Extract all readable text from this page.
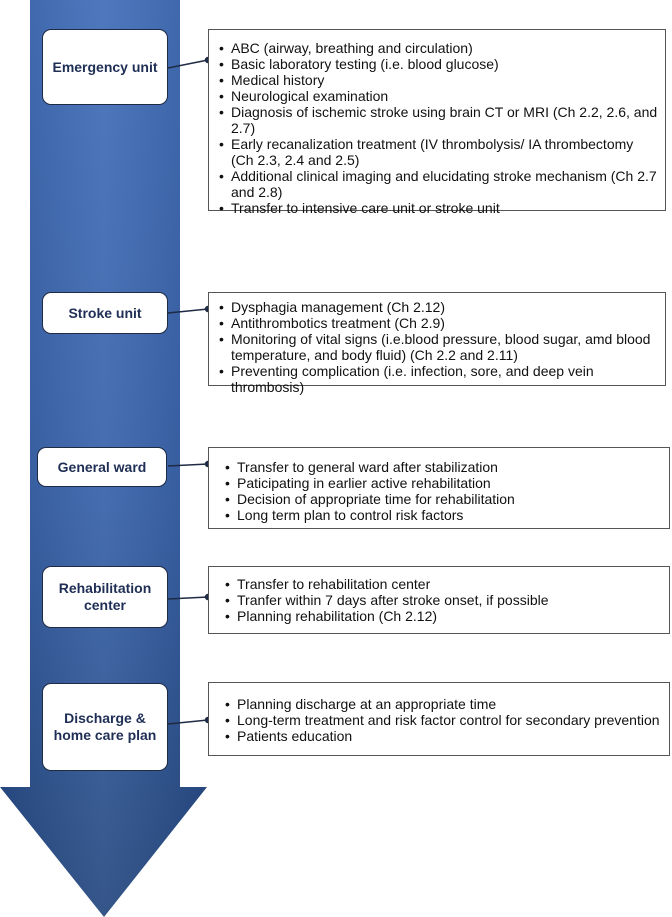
Emergency unit
• ABC (airway, breathing and circulation)
• Basic laboratory testing (i.e. blood glucose)
• Medical history
• Neurological examination
• Diagnosis of ischemic stroke using brain CT or MRI (Ch 2.2, 2.6, and 2.7)
• Early recanalization treatment (IV thrombolysis/ IA thrombectomy (Ch 2.3, 2.4 and 2.5)
• Additional clinical imaging and elucidating stroke mechanism (Ch 2.7 and 2.8)
• Transfer to intensive care unit or stroke unit
Stroke unit	• Dysphagia management (Ch 2.12)
• Antithrombotics treatment (Ch 2.9)
• Monitoring of vital signs (i.e.blood pressure, blood sugar, amd blood temperature, and body fluid) (Ch 2.2 and 2.11)
• Preventing complication (i.e. infection, sore, and deep vein thrombosis)
General ward	• Transfer to general ward after stabilization
• Paticipating in earlier active rehabilitation
• Decision of appropriate time for rehabilitation
• Long term plan to control risk factors
Rehabilitation center
• Transfer to rehabilitation center
• Tranfer within 7 days after stroke onset, if possible
• Planning rehabilitation (Ch 2.12)
Discharge & home care plan
• Planning discharge at an appropriate time
• Long-term treatment and risk factor control for secondary prevention
• Patients education
